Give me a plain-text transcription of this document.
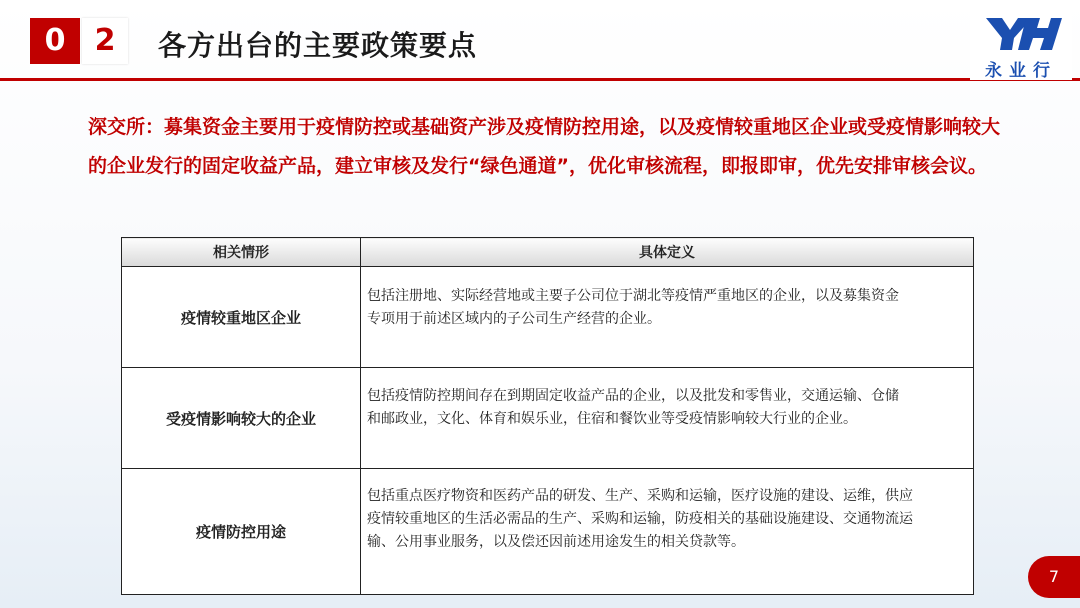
0 2	各方出台的主要政策要点
永业行
深交所：募集资金主要用于疫情防控或基础资产涉及疫情防控用途，以及疫情较重地区企业或受疫情影响较大的企业发行的固定收益产品，建立审核及发行“绿色通道”，优化审核流程，即报即审，优先安排审核会议。
相关情形	具体定义
疫情较重地区企业	包括注册地、实际经营地或主要子公司位于湖北等疫情严重地区的企业，以及募集资金
专项用于前述区域内的子公司生产经营的企业。

受疫情影响较大的企业	包括疫情防控期间存在到期固定收益产品的企业，以及批发和零售业，交通运输、仓储
和邮政业，文化、体育和娱乐业，住宿和餐饮业等受疫情影响较大行业的企业。

疫情防控用途	包括重点医疗物资和医药产品的研发、生产、采购和运输，医疗设施的建设、运维，供应
疫情较重地区的生活必需品的生产、采购和运输，防疫相关的基础设施建设、交通物流运
输、公用事业服务，以及偿还因前述用途发生的相关贷款等。
7
